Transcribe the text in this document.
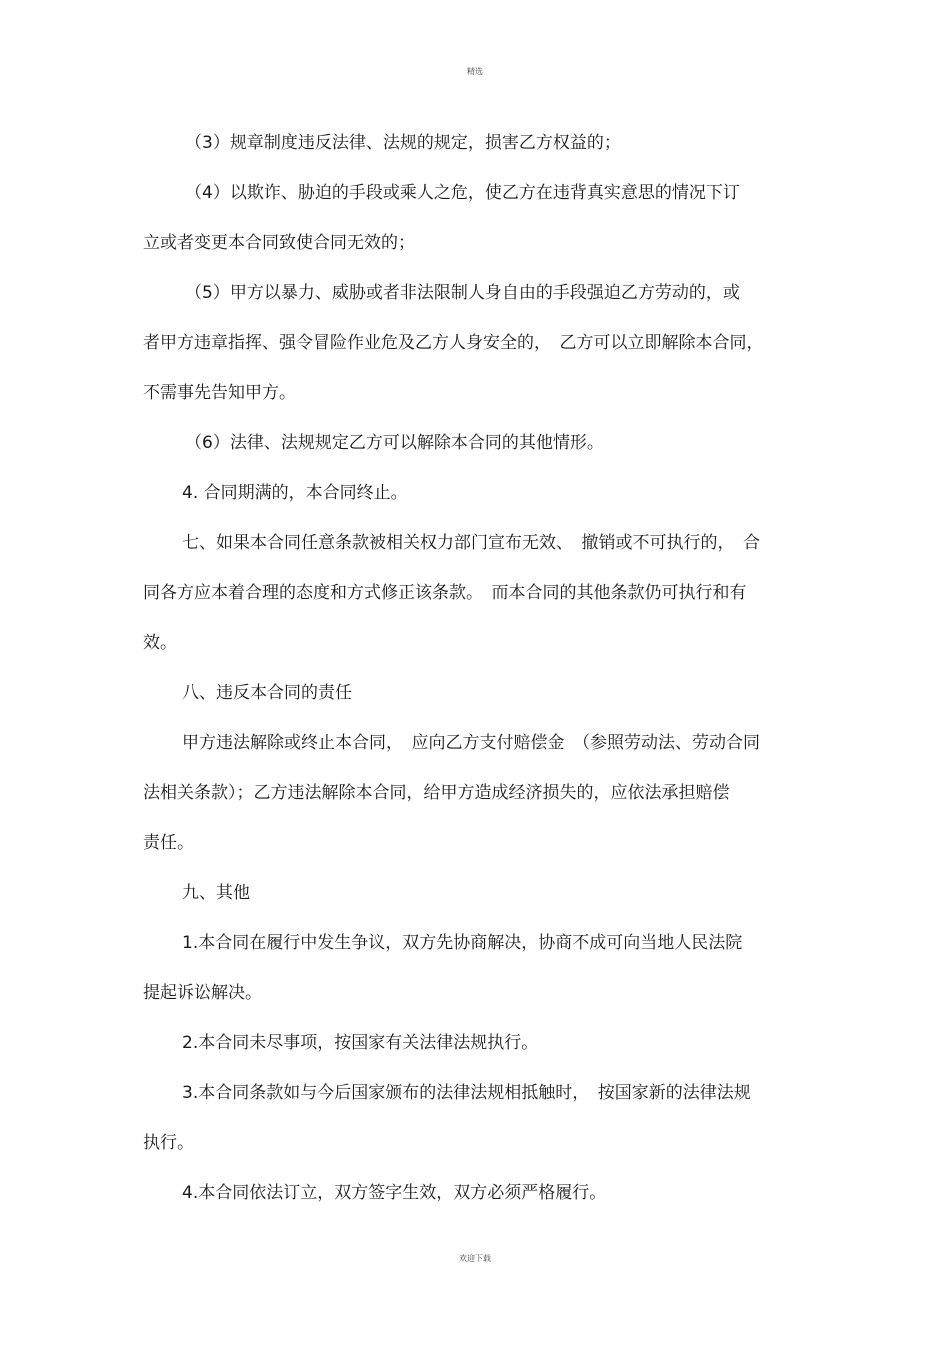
精选
（3）规章制度违反法律、法规的规定，损害乙方权益的；
（4）以欺诈、胁迫的手段或乘人之危，使乙方在违背真实意思的情况下订
立或者变更本合同致使合同无效的；
（5）甲方以暴力、威胁或者非法限制人身自由的手段强迫乙方劳动的，或
者甲方违章指挥、强令冒险作业危及乙方人身安全的，　乙方可以立即解除本合同，
不需事先告知甲方。
（6）法律、法规规定乙方可以解除本合同的其他情形。
4. 合同期满的，本合同终止。
七、如果本合同任意条款被相关权力部门宣布无效、　撤销或不可执行的，　合
同各方应本着合理的态度和方式修正该条款。　而本合同的其他条款仍可执行和有
效。
八、违反本合同的责任
甲方违法解除或终止本合同，　应向乙方支付赔偿金　（参照劳动法、劳动合同
法相关条款）；乙方违法解除本合同，给甲方造成经济损失的，应依法承担赔偿
责任。
九、其他
1.本合同在履行中发生争议，双方先协商解决，协商不成可向当地人民法院
提起诉讼解决。
2.本合同未尽事项，按国家有关法律法规执行。
3.本合同条款如与今后国家颁布的法律法规相抵触时，　按国家新的法律法规
执行。
4.本合同依法订立，双方签字生效，双方必须严格履行。
欢迎下载
